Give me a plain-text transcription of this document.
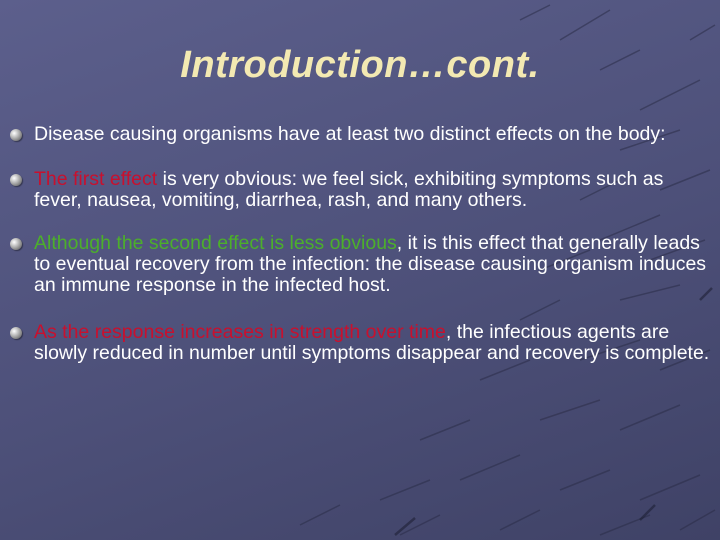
Introduction…cont.
Disease causing organisms have at least two distinct effects on the body:
The first effect is very obvious: we feel sick, exhibiting symptoms such as fever, nausea, vomiting, diarrhea, rash, and many others.
Although the second effect is less obvious, it is this effect that generally leads to eventual recovery from the infection: the disease causing organism induces an immune response in the infected host.
As the response increases in strength over time, the infectious agents are slowly reduced in number until symptoms disappear and recovery is complete.
